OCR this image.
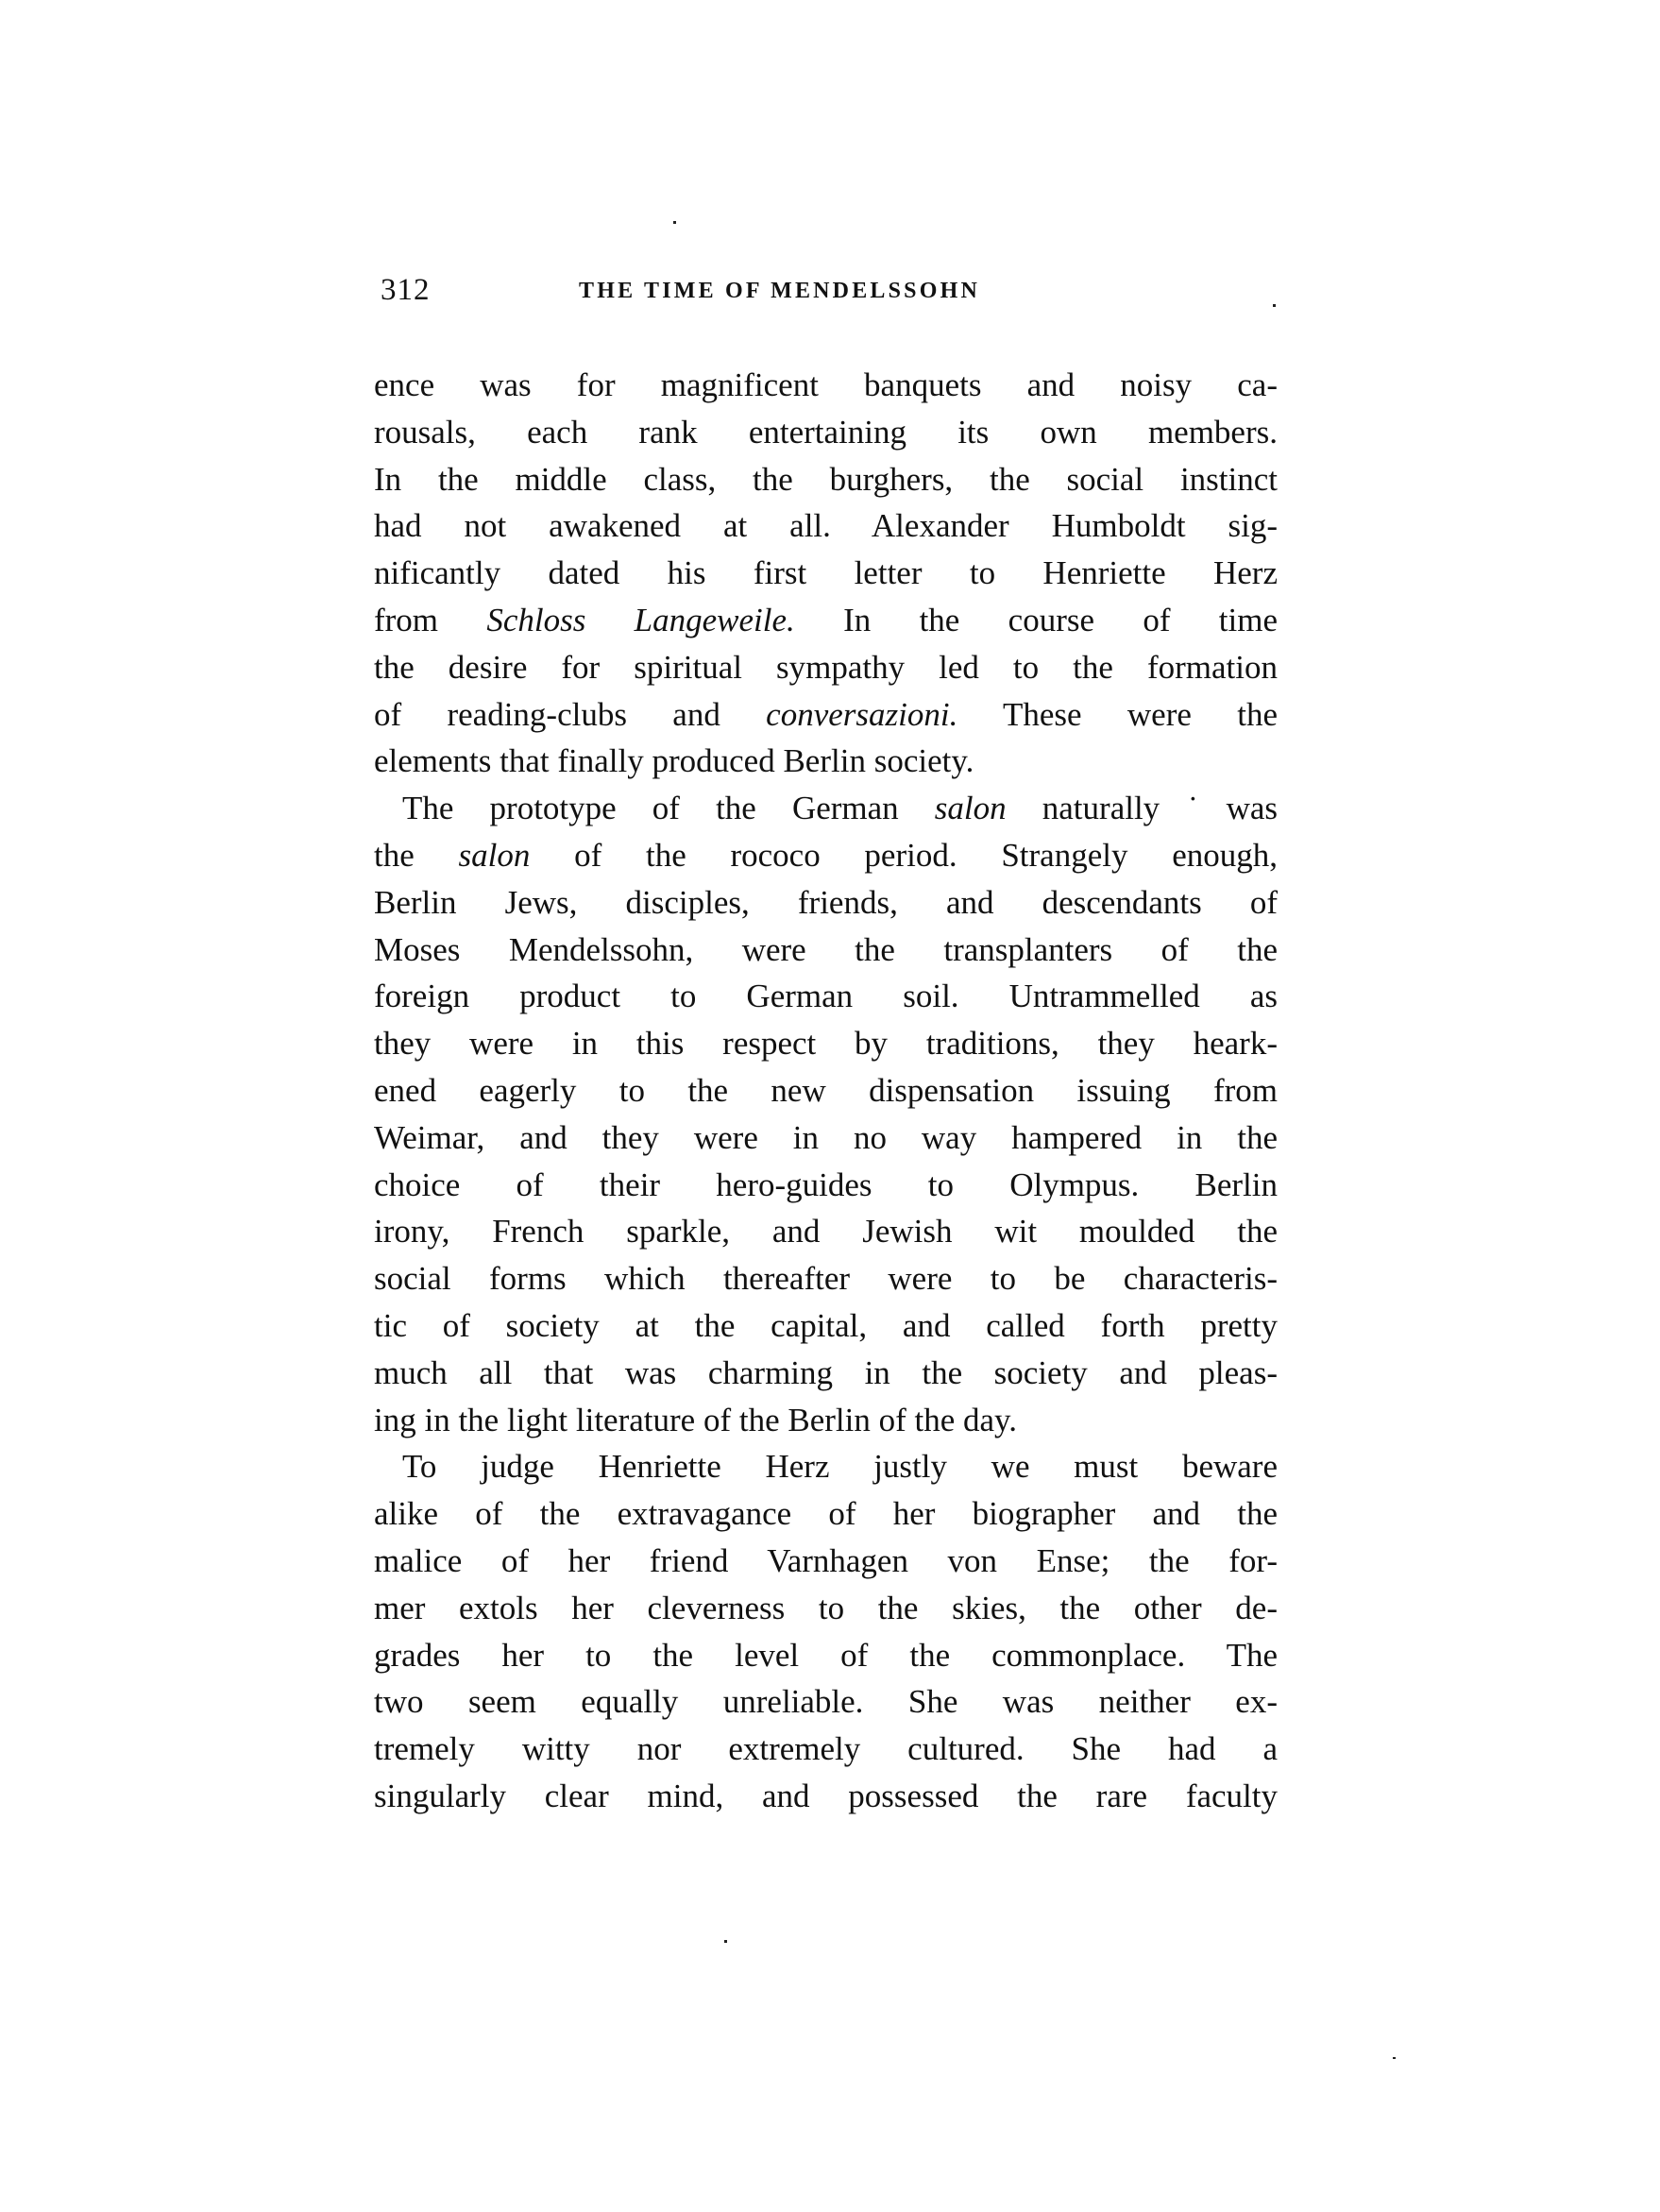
312	THE TIME OF MENDELSSOHN
ence was for magnificent banquets and noisy ca-
rousals, each rank entertaining its own members.
In the middle class, the burghers, the social instinct
had not awakened at all. Alexander Humboldt sig-
nificantly dated his first letter to Henriette Herz
from Schloss Langeweile. In the course of time
the desire for spiritual sympathy led to the formation
of reading-clubs and conversazioni. These were the
elements that finally produced Berlin society.
The prototype of the German salon naturally˙was
the salon of the rococo period. Strangely enough,
Berlin Jews, disciples, friends, and descendants of
Moses Mendelssohn, were the transplanters of the
foreign product to German soil. Untrammelled as
they were in this respect by traditions, they heark-
ened eagerly to the new dispensation issuing from
Weimar, and they were in no way hampered in the
choice of their hero-guides to Olympus. Berlin
irony, French sparkle, and Jewish wit moulded the
social forms which thereafter were to be characteris-
tic of society at the capital, and called forth pretty
much all that was charming in the society and pleas-
ing in the light literature of the Berlin of the day.
To judge Henriette Herz justly we must beware
alike of the extravagance of her biographer and the
malice of her friend Varnhagen von Ense; the for-
mer extols her cleverness to the skies, the other de-
grades her to the level of the commonplace. The
two seem equally unreliable. She was neither ex-
tremely witty nor extremely cultured. She had a
singularly clear mind, and possessed the rare faculty
